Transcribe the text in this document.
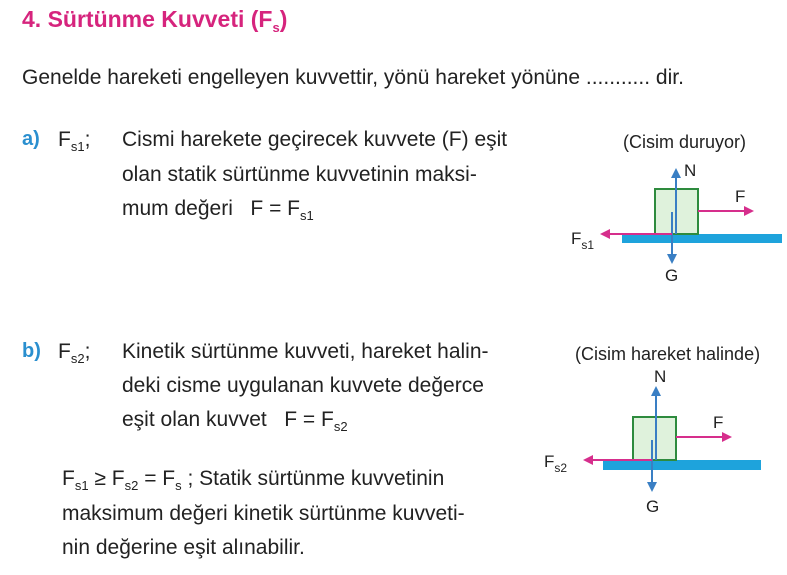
4. Sürtünme Kuvveti $(F_s)$
Genelde hareketi engelleyen kuvvettir, yönü hareket yönüne ........... dir.
a) $F_{s1}$; Cismi harekete geçirecek kuvvete (F) eşit
olan statik sürtünme kuvvetinin maksi-
mum değeri $F = F_{s1}$
b) $F_{s2}$; Kinetik sürtünme kuvveti, hareket halin-
deki cisme uygulanan kuvvete değerce
eşit olan kuvvet $F = F_{s2}$
$F_{s1} \ge F_{s2} = F_s$ ; Statik sürtünme kuvvetinin
maksimum değeri kinetik sürtünme kuvveti-
nin değerine eşit alınabilir.
(Cisim duruyor)
(Cisim hareket halinde)
N
F
G
$F_{s1}$
N
F
G
$F_{s2}$
